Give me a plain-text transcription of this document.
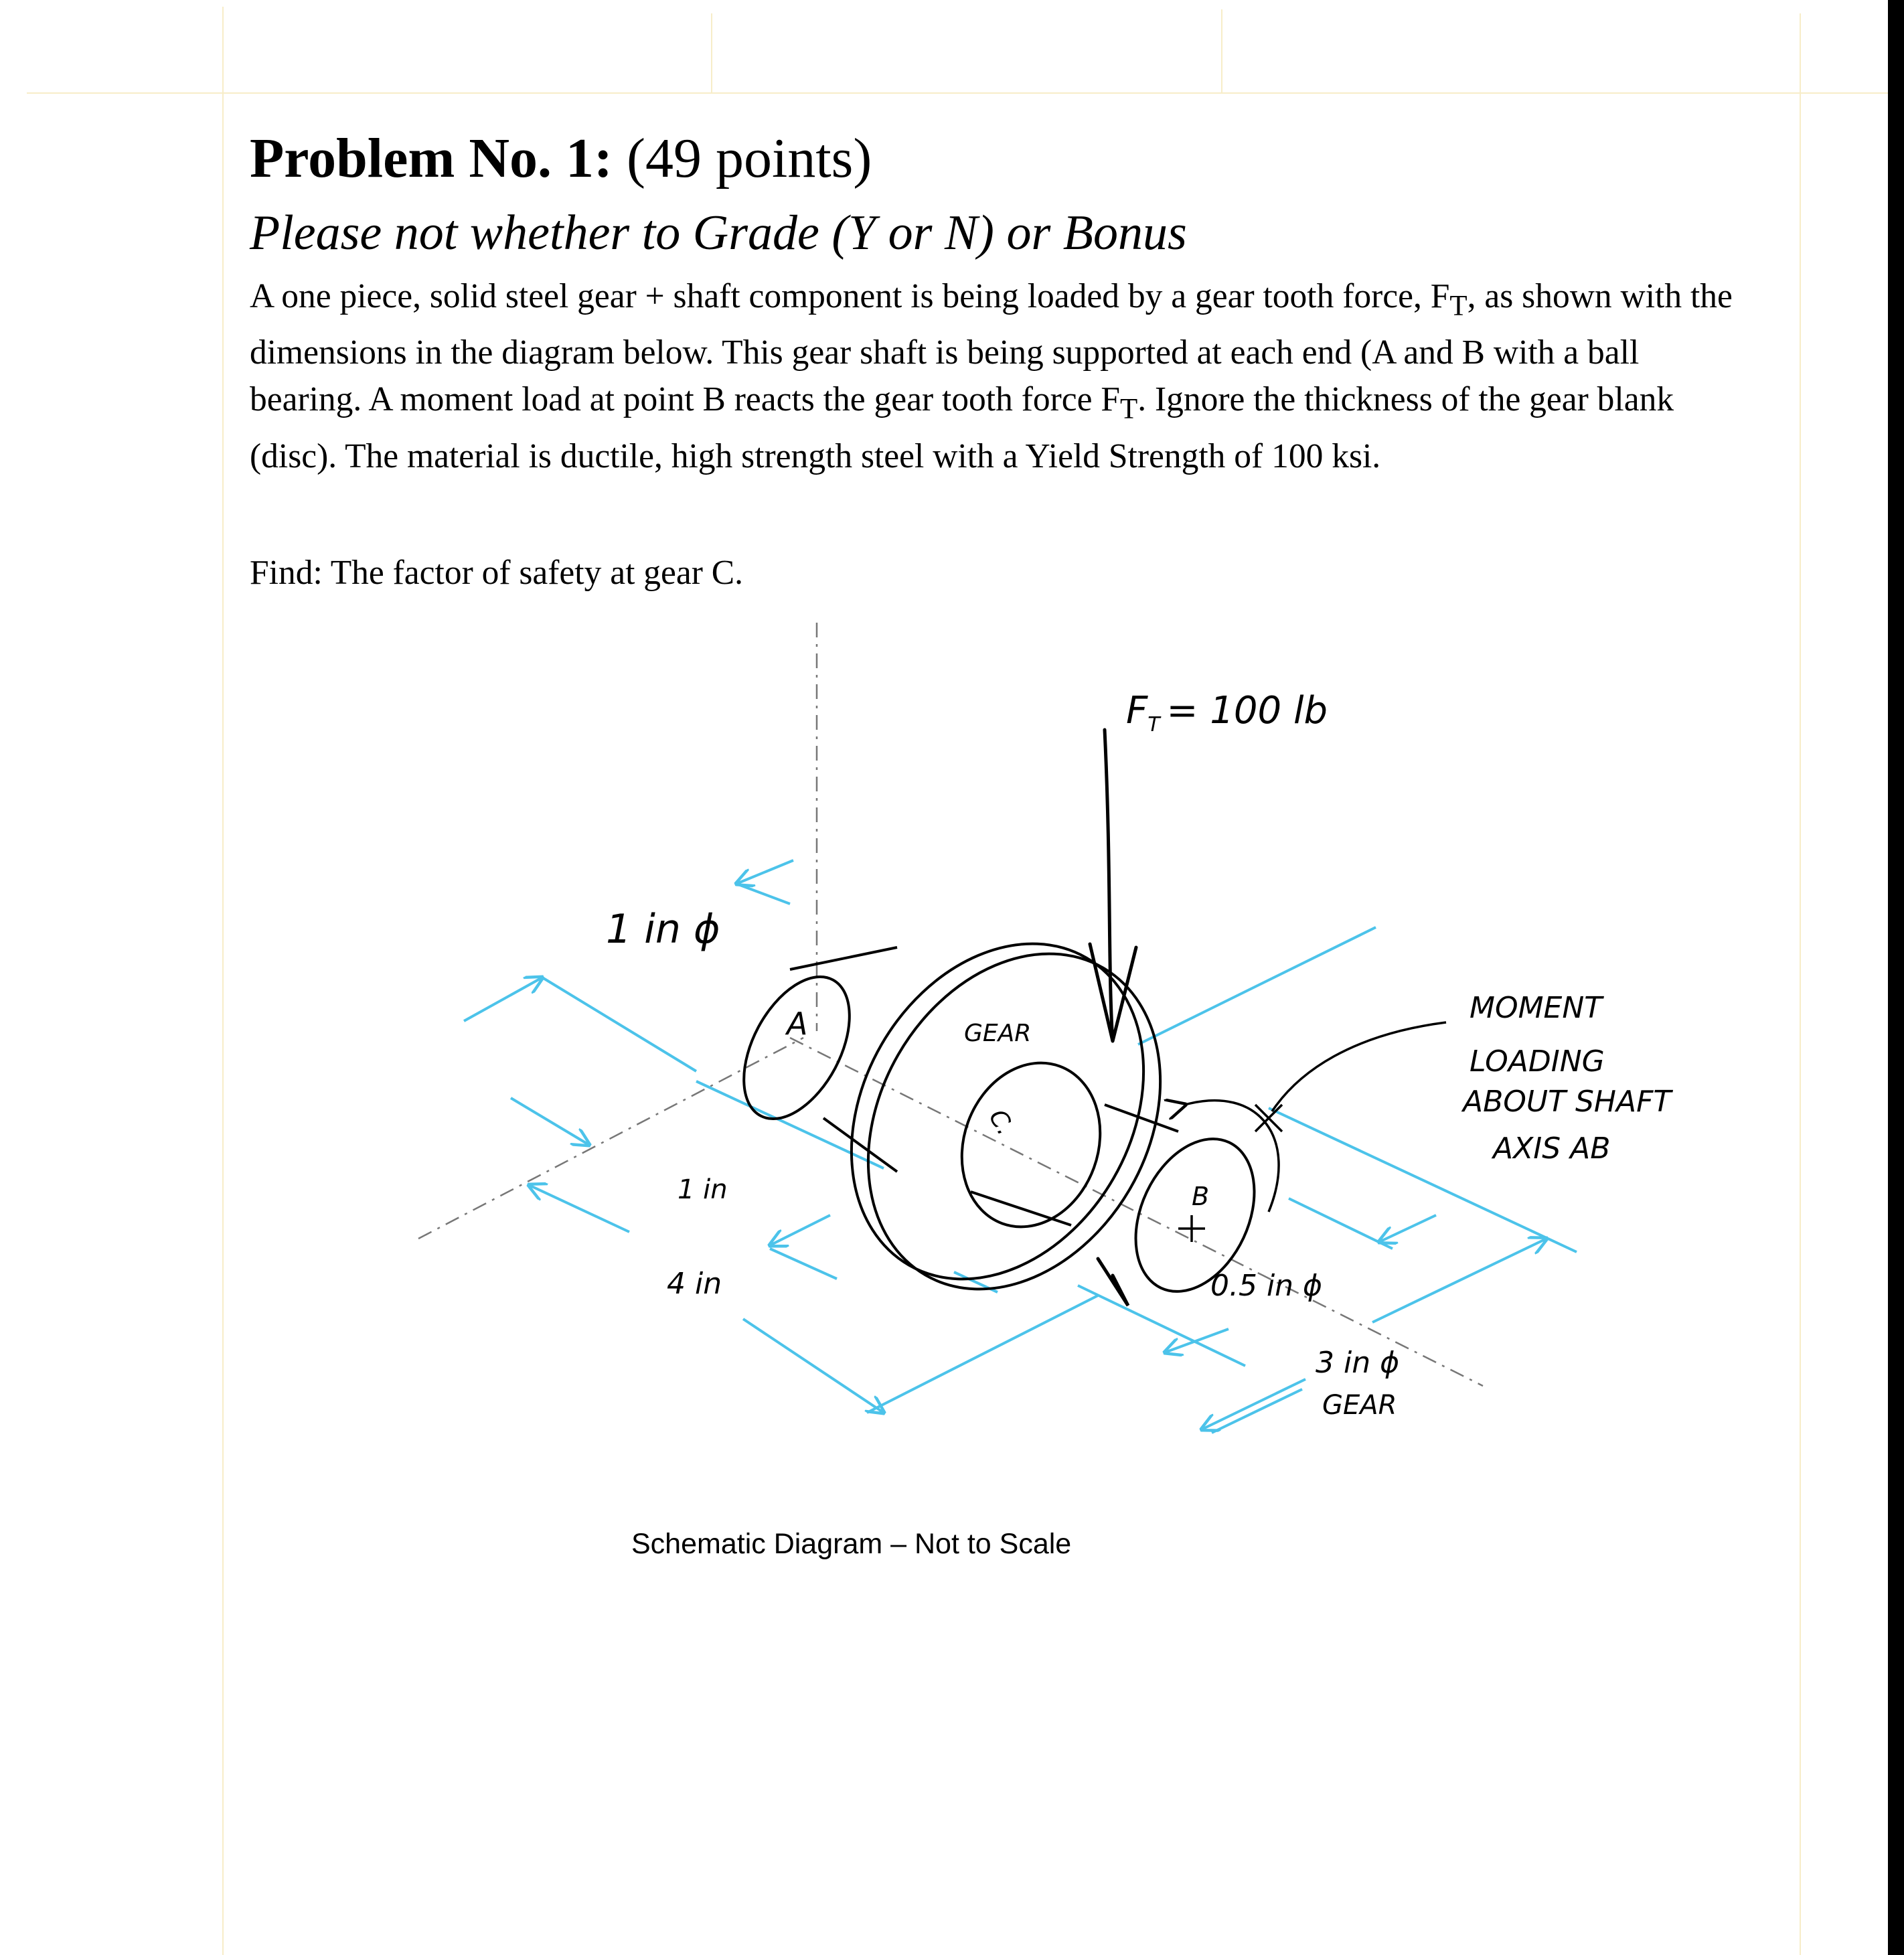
Problem No. 1: (49 points)
Please not whether to Grade (Y or N) or Bonus

A one piece, solid steel gear + shaft component is being loaded by a gear tooth force, $F_T$, as shown with the dimensions in the diagram below. This gear shaft is being supported at each end (A and B with a ball bearing. A moment load at point B reacts the gear tooth force $F_T$. Ignore the thickness of the gear blank (disc). The material is ductile, high strength steel with a Yield Strength of 100 ksi.

Find: The factor of safety at gear C.
$F_T = 100$ lb
1 in ϕ
1 in
4 in
A	GEAR
C.
B
0.5 in ϕ
3 in ϕ
GEAR
MOMENT
LOADING
ABOUT SHAFT
AXIS AB
Schematic Diagram – Not to Scale
